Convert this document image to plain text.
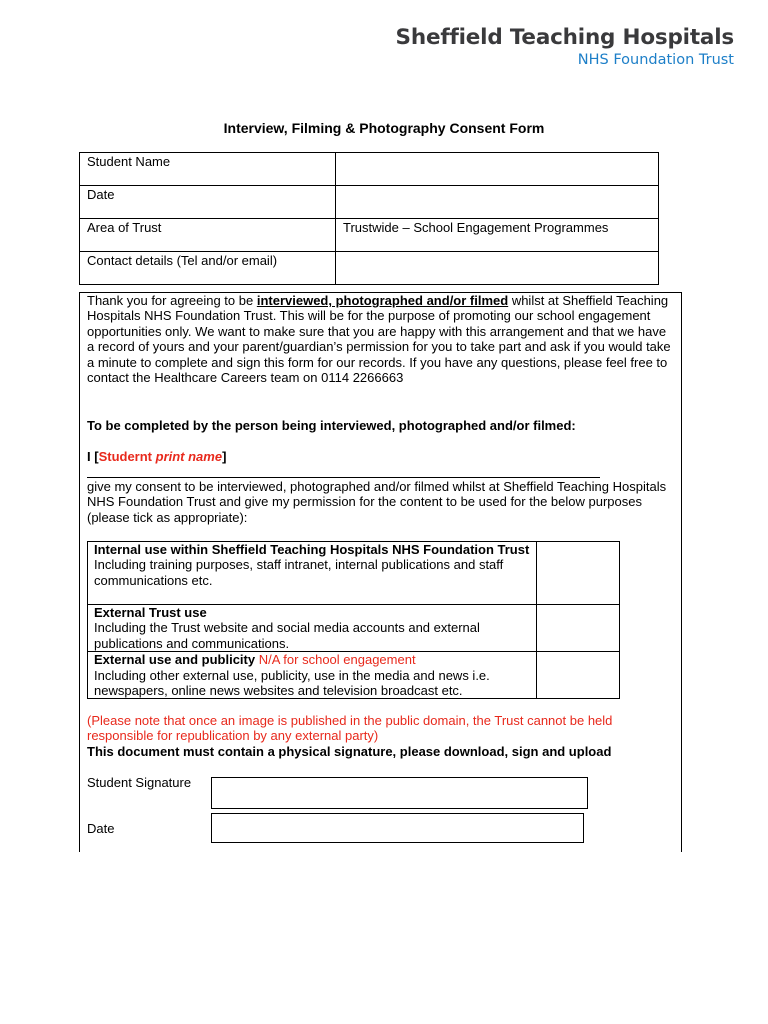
Sheffield Teaching Hospitals
NHS Foundation Trust
Interview, Filming & Photography Consent Form
Student Name	
Date	
Area of Trust	Trustwide – School Engagement Programmes
Contact details (Tel and/or email)	
Thank you for agreeing to be interviewed, photographed and/or filmed whilst at Sheffield Teaching Hospitals NHS Foundation Trust. This will be for the purpose of promoting our school engagement opportunities only. We want to make sure that you are happy with this arrangement and that we have a record of yours and your parent/guardian’s permission for you to take part and ask if you would take a minute to complete and sign this form for our records. If you have any questions, please feel free to contact the Healthcare Careers team on 0114 2266663
To be completed by the person being interviewed, photographed and/or filmed:
I [Studernt print name]
give my consent to be interviewed, photographed and/or filmed whilst at Sheffield Teaching Hospitals NHS Foundation Trust and give my permission for the content to be used for the below purposes (please tick as appropriate):
Internal use within Sheffield Teaching Hospitals NHS Foundation Trust
Including training purposes, staff intranet, internal publications and staff communications etc.	

External Trust use
Including the Trust website and social media accounts and external publications and communications.	

External use and publicity N/A for school engagement
Including other external use, publicity, use in the media and news i.e. newspapers, online news websites and television broadcast etc.	

(Please note that once an image is published in the public domain, the Trust cannot be held responsible for republication by any external party)
This document must contain a physical signature, please download, sign and upload
Student Signature
Date
